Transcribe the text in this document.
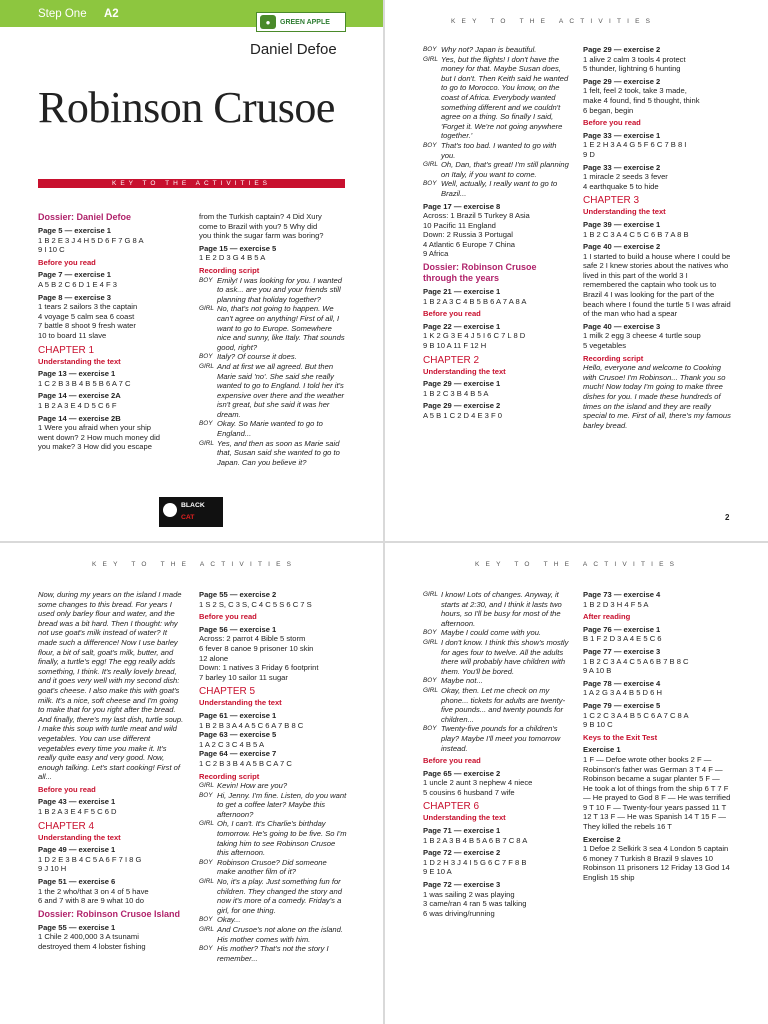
Step One A2
●	GREEN APPLE
Daniel Defoe
Robinson Crusoe
KEY TO THE ACTIVITIES
Dossier: Daniel Defoe
Page 5 — exercise 1
1 B 2 E 3 J 4 H 5 D 6 F 7 G 8 A
9 I 10 C
Before you read
Page 7 — exercise 1
A 5 B 2 C 6 D 1 E 4 F 3
Page 8 — exercise 3
1 tears 2 sailors 3 the captain
4 voyage 5 calm sea 6 coast
7 battle 8 shoot 9 fresh water
10 to board 11 slave
CHAPTER 1
Understanding the text
Page 13 — exercise 1
1 C 2 B 3 B 4 B 5 B 6 A 7 C
Page 14 — exercise 2A
1 B 2 A 3 E 4 D 5 C 6 F
Page 14 — exercise 2B
1 Were you afraid when your ship
went down? 2 How much money did
you make? 3 How did you escape
from the Turkish captain? 4 Did Xury
come to Brazil with you? 5 Why did
you think the sugar farm was boring?
Page 15 — exercise 5
1 E 2 D 3 G 4 B 5 A
Recording script
BOY Emily! I was looking for you. I wanted to ask... are you and your friends still planning that holiday together?
GIRL No, that's not going to happen. We can't agree on anything! First of all, I want to go to Europe. Somewhere nice and sunny, like Italy. That sounds good, right?
BOY Italy? Of course it does.
GIRL And at first we all agreed. But then Marie said 'no'. She said she really wanted to go to England. I told her it's expensive over there and the weather isn't great, but she said it was her dream.
BOY Okay. So Marie wanted to go to England...
GIRL Yes, and then as soon as Marie said that, Susan said she wanted to go to Japan. Can you believe it?
BLACK
CAT
KEY TO THE ACTIVITIES
BOY Why not? Japan is beautiful.
GIRL Yes, but the flights! I don't have the money for that. Maybe Susan does, but I don't. Then Keith said he wanted to go to Morocco. You know, on the coast of Africa. Everybody wanted something different and we couldn't agree on a thing. So finally I said, 'Forget it. We're not going anywhere together.'
BOY That's too bad. I wanted to go with you.
GIRL Oh, Dan, that's great! I'm still planning on Italy, if you want to come.
BOY Well, actually, I really want to go to Brazil...
Page 17 — exercise 8
Across: 1 Brazil 5 Turkey 8 Asia
10 Pacific 11 England
Down: 2 Russia 3 Portugal
4 Atlantic 6 Europe 7 China
9 Africa
Dossier: Robinson Crusoe through the years
Page 21 — exercise 1
1 B 2 A 3 C 4 B 5 B 6 A 7 A 8 A
Before you read
Page 22 — exercise 1
1 K 2 G 3 E 4 J 5 I 6 C 7 L 8 D
9 B 10 A 11 F 12 H
CHAPTER 2
Understanding the text
Page 29 — exercise 1
1 B 2 C 3 B 4 B 5 A
Page 29 — exercise 2
A 5 B 1 C 2 D 4 E 3 F 0
Page 29 — exercise 2
1 alive 2 calm 3 tools 4 protect
5 thunder, lightning 6 hunting
Page 29 — exercise 2
1 felt, feel 2 took, take 3 made,
make 4 found, find 5 thought, think
6 began, begin
Before you read
Page 33 — exercise 1
1 E 2 H 3 A 4 G 5 F 6 C 7 B 8 I
9 D
Page 33 — exercise 2
1 miracle 2 seeds 3 fever
4 earthquake 5 to hide
CHAPTER 3
Understanding the text
Page 39 — exercise 1
1 B 2 C 3 A 4 C 5 C 6 B 7 A 8 B
Page 40 — exercise 2
1 I started to build a house where I could be safe 2 I knew stories about the natives who lived in this part of the world 3 I remembered the captain who took us to Brazil 4 I was looking for the part of the beach where I found the turtle 5 I was afraid of the man who had a spear
Page 40 — exercise 3
1 milk 2 egg 3 cheese 4 turtle soup
5 vegetables
Recording script
Hello, everyone and welcome to Cooking with Crusoe! I'm Robinson... Thank you so much! Now today I'm going to make three dishes for you. I made these hundreds of times on the island and they are really special to me. First of all, there's my famous barley bread.
2
KEY TO THE ACTIVITIES
Now, during my years on the island I made some changes to this bread. For years I used only barley flour and water, and the bread was a bit hard. Then I thought: why not use goat's milk instead of water? It made such a difference! Now I use barley flour, a bit of salt, goat's milk, butter, and finally, a turtle's egg! The egg really adds something, I think. It's really lovely bread, and it goes very well with my second dish: goat's cheese. I also make this with goat's milk. It's a nice, soft cheese and I'm going to make that for you right after the bread. And finally, there's my last dish, turtle soup. I make this soup with turtle meat and wild vegetables. You can use different vegetables every time you make it. It's really quite easy and very good. Now, enough talking. Let's start cooking! First of all...
Before you read
Page 43 — exercise 1
1 B 2 A 3 E 4 F 5 C 6 D
CHAPTER 4
Understanding the text
Page 49 — exercise 1
1 D 2 E 3 B 4 C 5 A 6 F 7 I 8 G
9 J 10 H
Page 51 — exercise 6
1 the 2 who/that 3 on 4 of 5 have
6 and 7 with 8 are 9 what 10 do
Dossier: Robinson Crusoe Island
Page 55 — exercise 1
1 Chile 2 400,000 3 A tsunami
destroyed them 4 lobster fishing
Page 55 — exercise 2
1 S 2 S, C 3 S, C 4 C 5 S 6 C 7 S
Before you read
Page 56 — exercise 1
Across: 2 parrot 4 Bible 5 storm
6 fever 8 canoe 9 prisoner 10 skin
12 alone
Down: 1 natives 3 Friday 6 footprint
7 barley 10 sailor 11 sugar
CHAPTER 5
Understanding the text
Page 61 — exercise 1
1 B 2 B 3 A 4 A 5 C 6 A 7 B 8 C
Page 63 — exercise 5
1 A 2 C 3 C 4 B 5 A
Page 64 — exercise 7
1 C 2 B 3 B 4 A 5 B C A 7 C
Recording script
GIRL Kevin! How are you?
BOY Hi, Jenny. I'm fine. Listen, do you want to get a coffee later? Maybe this afternoon?
GIRL Oh, I can't. It's Charlie's birthday tomorrow. He's going to be five. So I'm taking him to see Robinson Crusoe this afternoon.
BOY Robinson Crusoe? Did someone make another film of it?
GIRL No, it's a play. Just something fun for children. They changed the story and now it's more of a comedy. Friday's a girl, for one thing.
BOY Okay...
GIRL And Crusoe's not alone on the island. His mother comes with him.
BOY His mother? That's not the story I remember...
KEY TO THE ACTIVITIES
GIRL I know! Lots of changes. Anyway, it starts at 2:30, and I think it lasts two hours, so I'll be busy for most of the afternoon.
BOY Maybe I could come with you.
GIRL I don't know. I think this show's mostly for ages four to twelve. All the adults there will probably have children with them. You'll be bored.
BOY Maybe not...
GIRL Okay, then. Let me check on my phone... tickets for adults are twenty-five pounds... and twenty pounds for children...
BOY Twenty-five pounds for a children's play? Maybe I'll meet you tomorrow instead.
Before you read
Page 65 — exercise 2
1 uncle 2 aunt 3 nephew 4 niece
5 cousins 6 husband 7 wife
CHAPTER 6
Understanding the text
Page 71 — exercise 1
1 B 2 A 3 B 4 B 5 A 6 B 7 C 8 A
Page 72 — exercise 2
1 D 2 H 3 J 4 I 5 G 6 C 7 F 8 B
9 E 10 A
Page 72 — exercise 3
1 was sailing 2 was playing
3 came/ran 4 ran 5 was talking
6 was driving/running
Page 73 — exercise 4
1 B 2 D 3 H 4 F 5 A
After reading
Page 76 — exercise 1
B 1 F 2 D 3 A 4 E 5 C 6
Page 77 — exercise 3
1 B 2 C 3 A 4 C 5 A 6 B 7 B 8 C
9 A 10 B
Page 78 — exercise 4
1 A 2 G 3 A 4 B 5 D 6 H
Page 79 — exercise 5
1 C 2 C 3 A 4 B 5 C 6 A 7 C 8 A
9 B 10 C
Keys to the Exit Test
Exercise 1
1 F — Defoe wrote other books 2 F — Robinson's father was German 3 T 4 F — Robinson became a sugar planter 5 F — He took a lot of things from the ship 6 T 7 F — He prayed to God 8 F — He was terrified 9 T 10 F — Twenty-four years passed 11 T 12 T 13 F — He was Spanish 14 T 15 F — They killed the rebels 16 T
Exercise 2
1 Defoe 2 Selkirk 3 sea 4 London 5 captain 6 money 7 Turkish 8 Brazil 9 slaves 10 Robinson 11 prisoners 12 Friday 13 God 14 English 15 ship
